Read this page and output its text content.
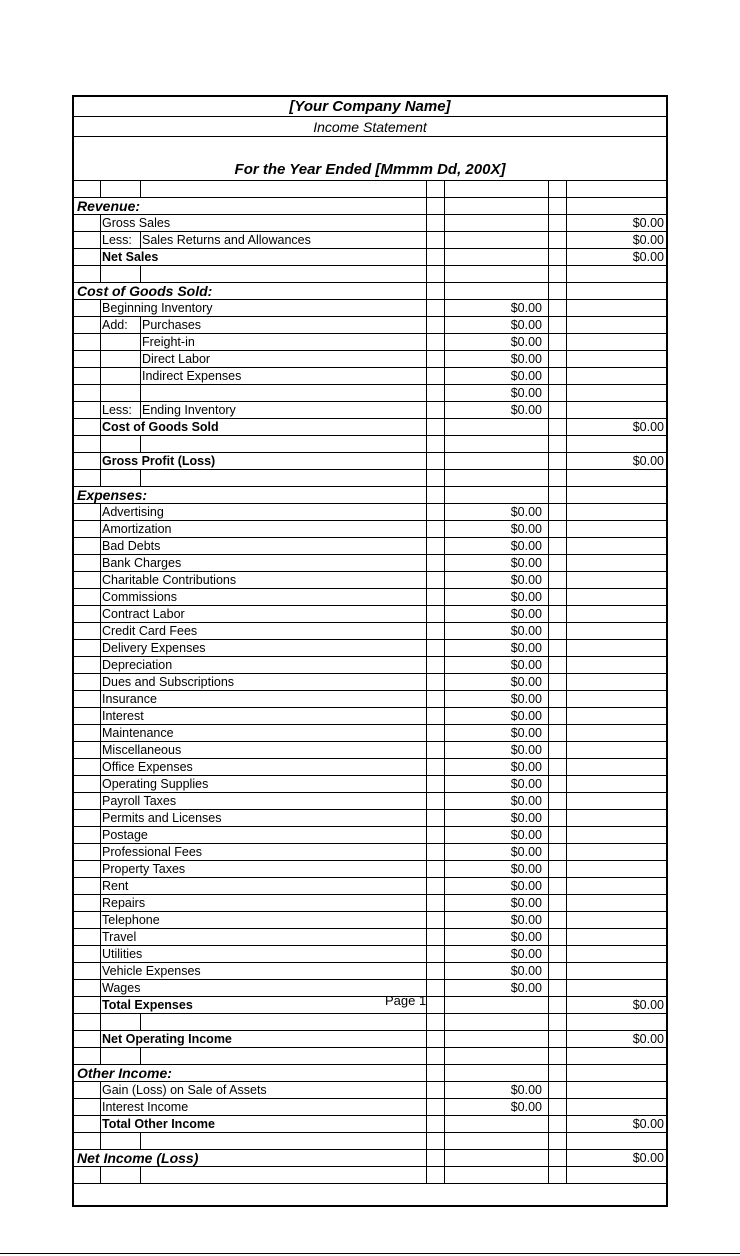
[Your Company Name]
Income Statement
For the Year Ended [Mmmm Dd, 200X]
Revenue:
Gross Sales	$0.00
Less: Sales Returns and Allowances	$0.00
Net Sales	$0.00
Cost of Goods Sold:
Beginning Inventory	$0.00
Add: Purchases	$0.00
Freight-in	$0.00
Direct Labor	$0.00
Indirect Expenses	$0.00
$0.00
Less: Ending Inventory	$0.00
Cost of Goods Sold	$0.00
Gross Profit (Loss)	$0.00
Expenses:
Advertising	$0.00
Amortization	$0.00
Bad Debts	$0.00
Bank Charges	$0.00
Charitable Contributions	$0.00
Commissions	$0.00
Contract Labor	$0.00
Credit Card Fees	$0.00
Delivery Expenses	$0.00
Depreciation	$0.00
Dues and Subscriptions	$0.00
Insurance	$0.00
Interest	$0.00
Maintenance	$0.00
Miscellaneous	$0.00
Office Expenses	$0.00
Operating Supplies	$0.00
Payroll Taxes	$0.00
Permits and Licenses	$0.00
Postage	$0.00
Professional Fees	$0.00
Property Taxes	$0.00
Rent	$0.00
Repairs	$0.00
Telephone	$0.00
Travel	$0.00
Utilities	$0.00
Vehicle Expenses	$0.00
Wages	$0.00
Total Expenses	$0.00
Net Operating Income	$0.00
Other Income:
Gain (Loss) on Sale of Assets	$0.00
Interest Income	$0.00
Total Other Income	$0.00
Net Income (Loss)	$0.00
Page 1
